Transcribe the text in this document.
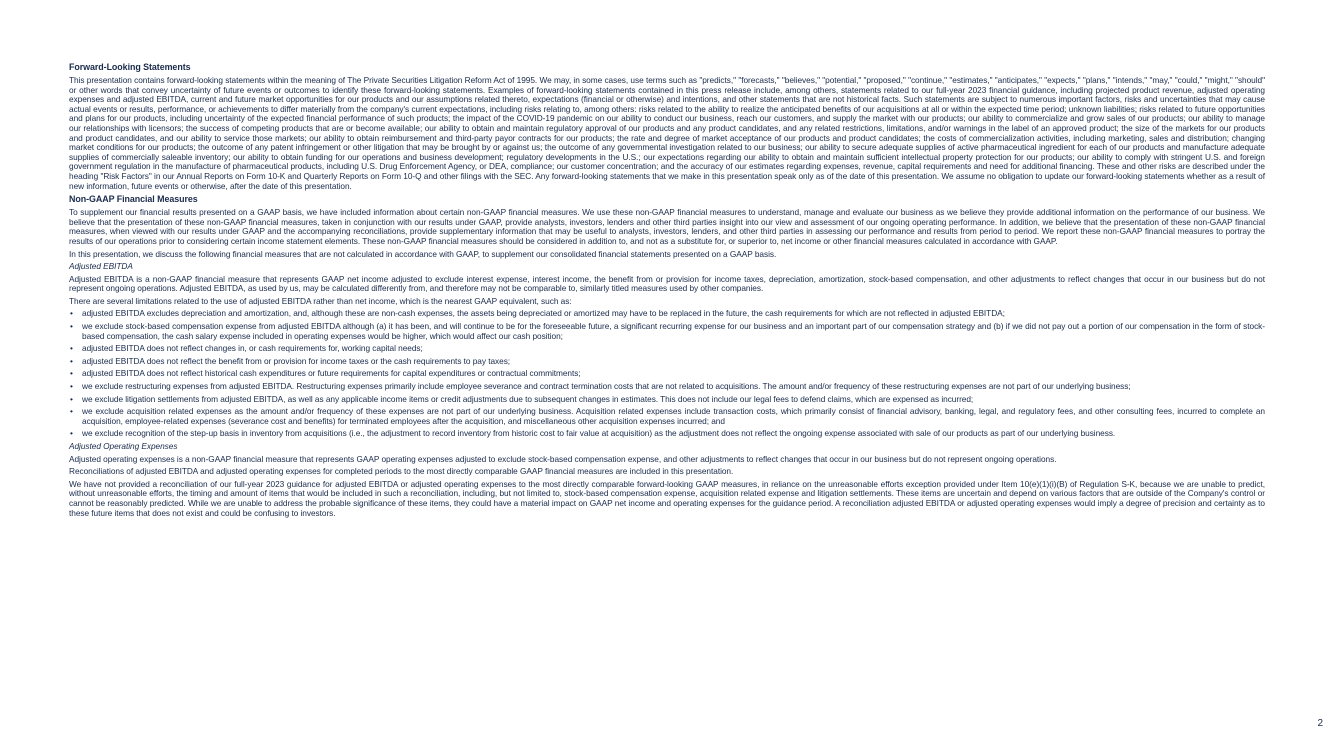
Forward-Looking Statements

This presentation contains forward-looking statements within the meaning of The Private Securities Litigation Reform Act of 1995. We may, in some cases, use terms such as "predicts," "forecasts," "believes," "potential," "proposed," "continue," "estimates," "anticipates," "expects," "plans," "intends," "may," "could," "might," "should" or other words that convey uncertainty of future events or outcomes to identify these forward-looking statements. Examples of forward-looking statements contained in this press release include, among others, statements related to our full-year 2023 financial guidance, including projected product revenue, adjusted operating expenses and adjusted EBITDA, current and future market opportunities for our products and our assumptions related thereto, expectations (financial or otherwise) and intentions, and other statements that are not historical facts. Such statements are subject to numerous important factors, risks and uncertainties that may cause actual events or results, performance, or achievements to differ materially from the company's current expectations, including risks relating to, among others: risks related to the ability to realize the anticipated benefits of our acquisitions at all or within the expected time period; unknown liabilities; risks related to future opportunities and plans for our products, including uncertainty of the expected financial performance of such products; the impact of the COVID-19 pandemic on our ability to conduct our business, reach our customers, and supply the market with our products; our ability to commercialize and grow sales of our products; our ability to manage our relationships with licensors; the success of competing products that are or become available; our ability to obtain and maintain regulatory approval of our products and any product candidates, and any related restrictions, limitations, and/or warnings in the label of an approved product; the size of the markets for our products and product candidates, and our ability to service those markets; our ability to obtain reimbursement and third-party payor contracts for our products; the rate and degree of market acceptance of our products and product candidates; the costs of commercialization activities, including marketing, sales and distribution; changing market conditions for our products; the outcome of any patent infringement or other litigation that may be brought by or against us; the outcome of any governmental investigation related to our business; our ability to secure adequate supplies of active pharmaceutical ingredient for each of our products and manufacture adequate supplies of commercially saleable inventory; our ability to obtain funding for our operations and business development; regulatory developments in the U.S.; our expectations regarding our ability to obtain and maintain sufficient intellectual property protection for our products; our ability to comply with stringent U.S. and foreign government regulation in the manufacture of pharmaceutical products, including U.S. Drug Enforcement Agency, or DEA, compliance; our customer concentration; and the accuracy of our estimates regarding expenses, revenue, capital requirements and need for additional financing. These and other risks are described under the heading "Risk Factors" in our Annual Reports on Form 10-K and Quarterly Reports on Form 10-Q and other filings with the SEC. Any forward-looking statements that we make in this presentation speak only as of the date of this presentation. We assume no obligation to update our forward-looking statements whether as a result of new information, future events or otherwise, after the date of this presentation.

Non-GAAP Financial Measures

To supplement our financial results presented on a GAAP basis, we have included information about certain non-GAAP financial measures. We use these non-GAAP financial measures to understand, manage and evaluate our business as we believe they provide additional information on the performance of our business. We believe that the presentation of these non-GAAP financial measures, taken in conjunction with our results under GAAP, provide analysts, investors, lenders and other third parties insight into our view and assessment of our ongoing operating performance. In addition, we believe that the presentation of these non-GAAP financial measures, when viewed with our results under GAAP and the accompanying reconciliations, provide supplementary information that may be useful to analysts, investors, lenders, and other third parties in assessing our performance and results from period to period. We report these non-GAAP financial measures to portray the results of our operations prior to considering certain income statement elements. These non-GAAP financial measures should be considered in addition to, and not as a substitute for, or superior to, net income or other financial measures calculated in accordance with GAAP.

In this presentation, we discuss the following financial measures that are not calculated in accordance with GAAP, to supplement our consolidated financial statements presented on a GAAP basis.

Adjusted EBITDA

Adjusted EBITDA is a non-GAAP financial measure that represents GAAP net income adjusted to exclude interest expense, interest income, the benefit from or provision for income taxes, depreciation, amortization, stock-based compensation, and other adjustments to reflect changes that occur in our business but do not represent ongoing operations. Adjusted EBITDA, as used by us, may be calculated differently from, and therefore may not be comparable to, similarly titled measures used by other companies.

There are several limitations related to the use of adjusted EBITDA rather than net income, which is the nearest GAAP equivalent, such as:

• adjusted EBITDA excludes depreciation and amortization, and, although these are non-cash expenses, the assets being depreciated or amortized may have to be replaced in the future, the cash requirements for which are not reflected in adjusted EBITDA;
• we exclude stock-based compensation expense from adjusted EBITDA although (a) it has been, and will continue to be for the foreseeable future, a significant recurring expense for our business and an important part of our compensation strategy and (b) if we did not pay out a portion of our compensation in the form of stock-based compensation, the cash salary expense included in operating expenses would be higher, which would affect our cash position;
• adjusted EBITDA does not reflect changes in, or cash requirements for, working capital needs;
• adjusted EBITDA does not reflect the benefit from or provision for income taxes or the cash requirements to pay taxes;
• adjusted EBITDA does not reflect historical cash expenditures or future requirements for capital expenditures or contractual commitments;
• we exclude restructuring expenses from adjusted EBITDA. Restructuring expenses primarily include employee severance and contract termination costs that are not related to acquisitions. The amount and/or frequency of these restructuring expenses are not part of our underlying business;
• we exclude litigation settlements from adjusted EBITDA, as well as any applicable income items or credit adjustments due to subsequent changes in estimates. This does not include our legal fees to defend claims, which are expensed as incurred;
• we exclude acquisition related expenses as the amount and/or frequency of these expenses are not part of our underlying business. Acquisition related expenses include transaction costs, which primarily consist of financial advisory, banking, legal, and regulatory fees, and other consulting fees, incurred to complete an acquisition, employee-related expenses (severance cost and benefits) for terminated employees after the acquisition, and miscellaneous other acquisition expenses incurred; and
• we exclude recognition of the step-up basis in inventory from acquisitions (i.e., the adjustment to record inventory from historic cost to fair value at acquisition) as the adjustment does not reflect the ongoing expense associated with sale of our products as part of our underlying business.
Adjusted Operating Expenses

Adjusted operating expenses is a non-GAAP financial measure that represents GAAP operating expenses adjusted to exclude stock-based compensation expense, and other adjustments to reflect changes that occur in our business but do not represent ongoing operations.

Reconciliations of adjusted EBITDA and adjusted operating expenses for completed periods to the most directly comparable GAAP financial measures are included in this presentation.

We have not provided a reconciliation of our full-year 2023 guidance for adjusted EBITDA or adjusted operating expenses to the most directly comparable forward-looking GAAP measures, in reliance on the unreasonable efforts exception provided under Item 10(e)(1)(i)(B) of Regulation S-K, because we are unable to predict, without unreasonable efforts, the timing and amount of items that would be included in such a reconciliation, including, but not limited to, stock-based compensation expense, acquisition related expense and litigation settlements. These items are uncertain and depend on various factors that are outside of the Company's control or cannot be reasonably predicted. While we are unable to address the probable significance of these items, they could have a material impact on GAAP net income and operating expenses for the guidance period. A reconciliation adjusted EBITDA or adjusted operating expenses would imply a degree of precision and certainty as to these future items that does not exist and could be confusing to investors.

2
